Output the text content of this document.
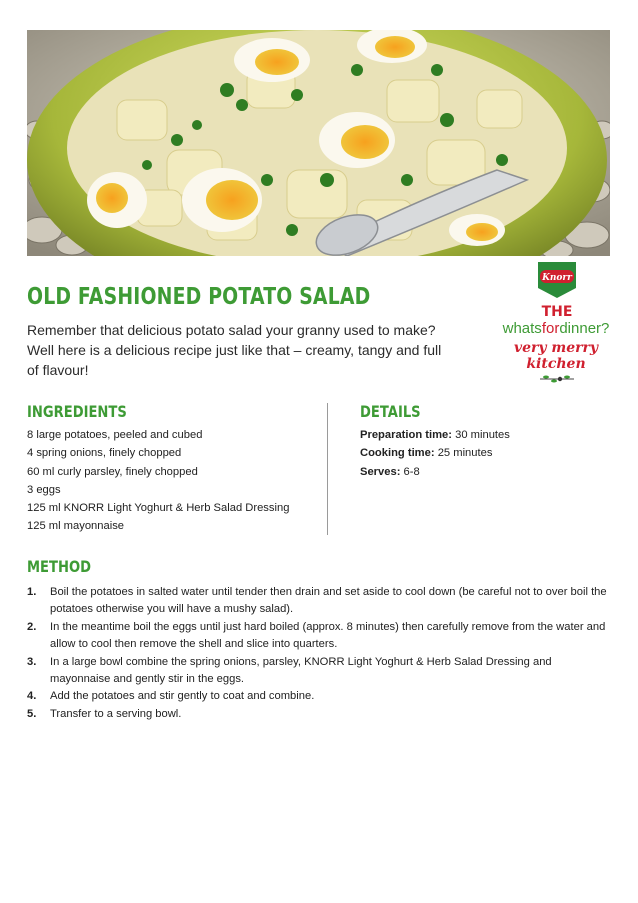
OLD FASHIONED POTATO SALAD

Remember that delicious potato salad your granny used to make? Well here is a delicious recipe just like that – creamy, tangy and full of flavour!

Knorr
THE
whatsfordinner?
very merry
kitchen
INGREDIENTS
8 large potatoes, peeled and cubed
4 spring onions, finely chopped
60 ml curly parsley, finely chopped
3 eggs
125 ml KNORR Light Yoghurt & Herb Salad Dressing
125 ml mayonnaise
DETAILS
Preparation time: 30 minutes
Cooking time: 25 minutes
Serves: 6-8
METHOD
1. Boil the potatoes in salted water until tender then drain and set aside to cool down (be careful not to over boil the potatoes otherwise you will have a mushy salad).
2. In the meantime boil the eggs until just hard boiled (approx. 8 minutes) then carefully remove from the water and allow to cool then remove the shell and slice into quarters.
3. In a large bowl combine the spring onions, parsley, KNORR Light Yoghurt & Herb Salad Dressing and mayonnaise and gently stir in the eggs.
4. Add the potatoes and stir gently to coat and combine.
5. Transfer to a serving bowl.
